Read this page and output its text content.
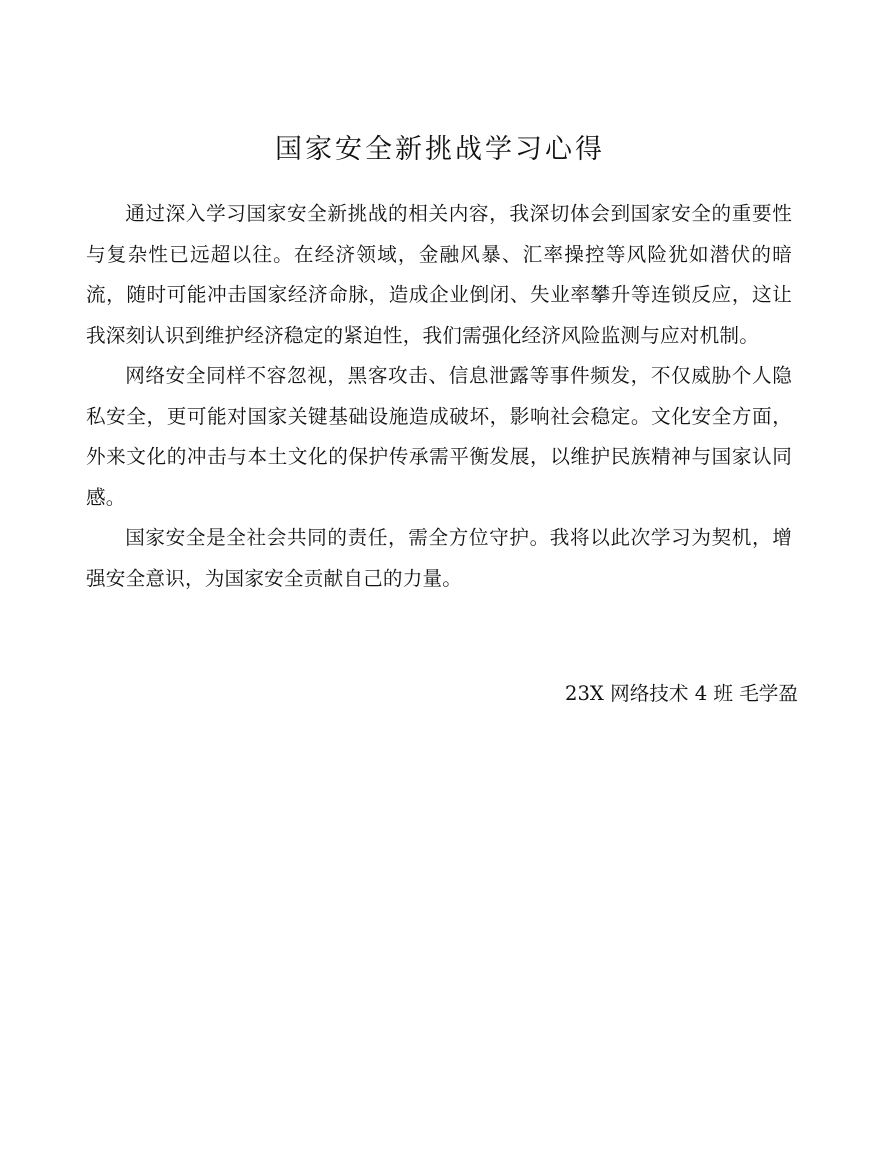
国家安全新挑战学习心得

通过深入学习国家安全新挑战的相关内容，我深切体会到国家安全的重要性与复杂性已远超以往。在经济领域，金融风暴、汇率操控等风险犹如潜伏的暗流，随时可能冲击国家经济命脉，造成企业倒闭、失业率攀升等连锁反应，这让我深刻认识到维护经济稳定的紧迫性，我们需强化经济风险监测与应对机制。

网络安全同样不容忽视，黑客攻击、信息泄露等事件频发，不仅威胁个人隐私安全，更可能对国家关键基础设施造成破坏，影响社会稳定。文化安全方面，外来文化的冲击与本土文化的保护传承需平衡发展，以维护民族精神与国家认同感。

国家安全是全社会共同的责任，需全方位守护。我将以此次学习为契机，增强安全意识，为国家安全贡献自己的力量。

23X 网络技术 4 班 毛学盈
